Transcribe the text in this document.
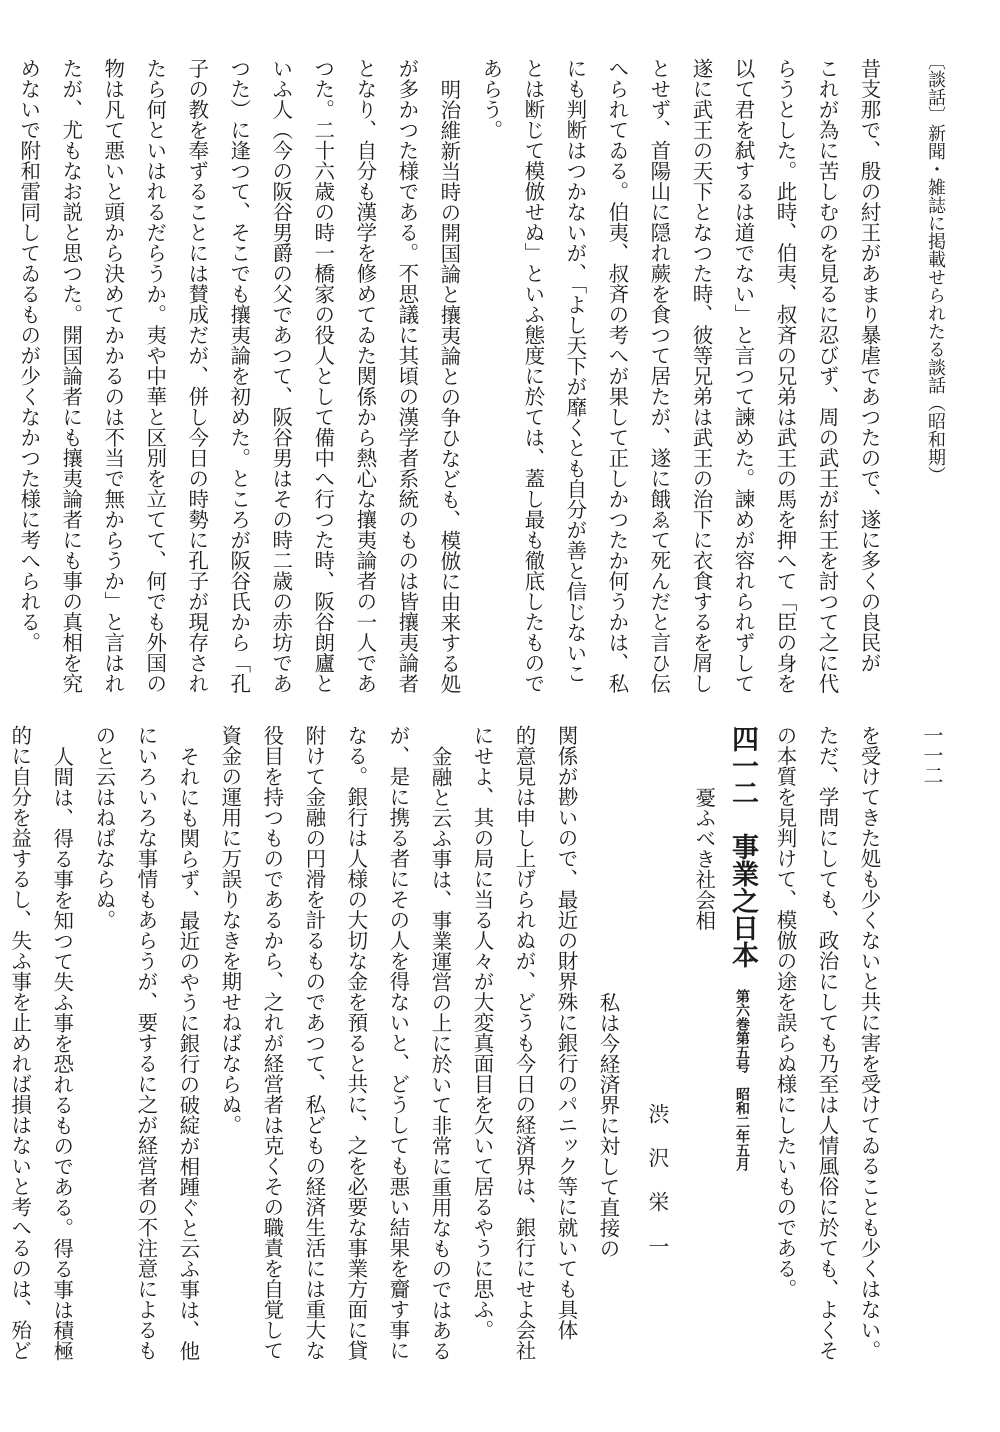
〔談話〕新聞・雑誌に掲載せられたる談話（昭和期）
昔支那で、殷の紂王があまり暴虐であつたので、遂に多くの良民が
これが為に苦しむのを見るに忍びず、周の武王が紂王を討つて之に代
らうとした。此時、伯夷、叔斉の兄弟は武王の馬を押へて「臣の身を
以て君を弑するは道でない」と言つて諫めた。諫めが容れられずして
遂に武王の天下となつた時、彼等兄弟は武王の治下に衣食するを屑し
とせず、首陽山に隠れ蕨を食つて居たが、遂に餓ゑて死んだと言ひ伝
へられてゐる。伯夷、叔斉の考へが果して正しかつたか何うかは、私
にも判断はつかないが、「よし天下が靡くとも自分が善と信じないこ
とは断じて模倣せぬ」といふ態度に於ては、蓋し最も徹底したもので
あらう。
明治維新当時の開国論と攘夷論との争ひなども、模倣に由来する処
が多かつた様である。不思議に其頃の漢学者系統のものは皆攘夷論者
となり、自分も漢学を修めてゐた関係から熱心な攘夷論者の一人であ
つた。二十六歳の時一橋家の役人として備中へ行つた時、阪谷朗廬と
いふ人（今の阪谷男爵の父であつて、阪谷男はその時二歳の赤坊であ
つた）に逢つて、そこでも攘夷論を初めた。ところが阪谷氏から「孔
子の教を奉ずることには賛成だが、併し今日の時勢に孔子が現存され
たら何といはれるだらうか。夷や中華と区別を立てて、何でも外国の
物は凡て悪いと頭から決めてかかるのは不当で無からうか」と言はれ
たが、尤もなお説と思つた。開国論者にも攘夷論者にも事の真相を究
めないで附和雷同してゐるものが少くなかつた様に考へられる。
一一二
を受けてきた処も少くないと共に害を受けてゐることも少くはない。
ただ、学問にしても、政治にしても乃至は人情風俗に於ても、よくそ
の本質を見判けて、模倣の途を誤らぬ様にしたいものである。
四一二　事業之日本 第六巻第五号　昭和二年五月
憂ふべき社会相
渋沢栄一
私は今経済界に対して直接の
関係が尠いので、最近の財界殊に銀行のパニック等に就いても具体
的意見は申し上げられぬが、どうも今日の経済界は、銀行にせよ会社
にせよ、其の局に当る人々が大変真面目を欠いて居るやうに思ふ。
金融と云ふ事は、事業運営の上に於いて非常に重用なものではある
が、是に携る者にその人を得ないと、どうしても悪い結果を齎す事に
なる。銀行は人様の大切な金を預ると共に、之を必要な事業方面に貸
附けて金融の円滑を計るものであつて、私どもの経済生活には重大な
役目を持つものであるから、之れが経営者は克くその職責を自覚して
資金の運用に万誤りなきを期せねばならぬ。
それにも関らず、最近のやうに銀行の破綻が相踵ぐと云ふ事は、他
にいろいろな事情もあらうが、要するに之が経営者の不注意によるも
のと云はねばならぬ。
人間は、得る事を知つて失ふ事を恐れるものである。得る事は積極
的に自分を益するし、失ふ事を止めれば損はないと考へるのは、殆ど
